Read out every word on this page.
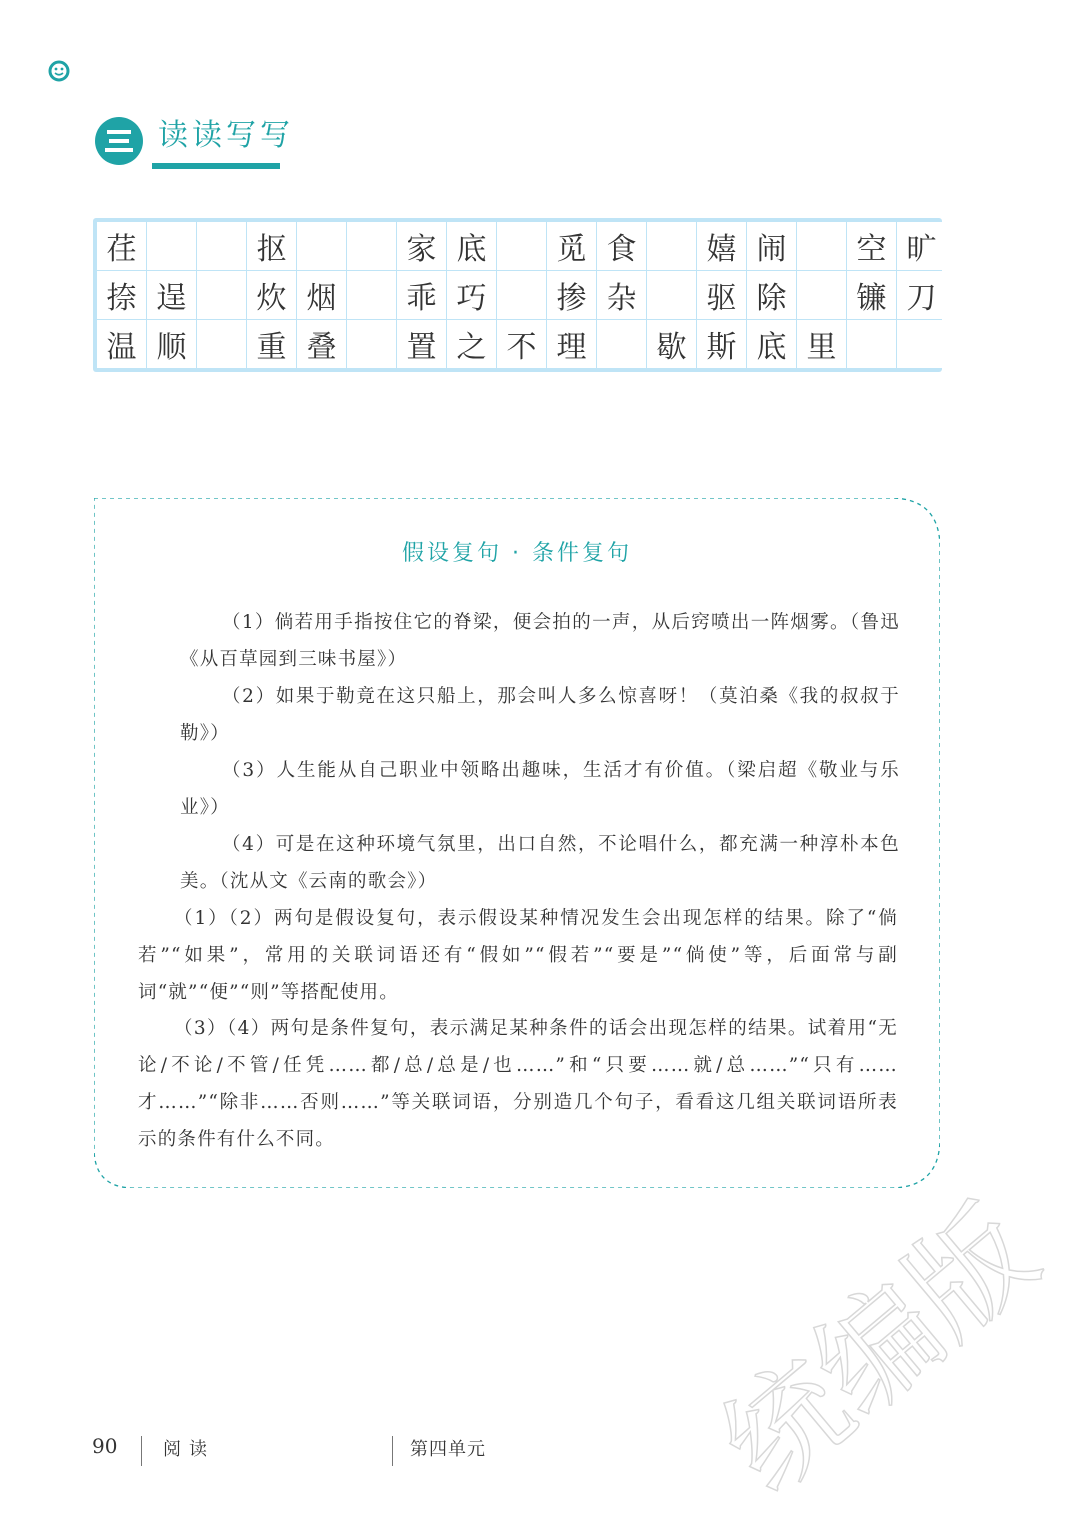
读读写写
荏	抠	家 底	觅 食	嬉 闹	空 旷
捺 逞	炊 烟	乖 巧	掺 杂	驱 除	镰 刀
温 顺	重 叠	置 之 不 理	歇 斯 底 里
假设复句 · 条件复句

（1）倘若用手指按住它的脊梁，便会拍的一声，从后窍喷出一阵烟雾。（鲁迅《从百草园到三味书屋》）

（2）如果于勒竟在这只船上，那会叫人多么惊喜呀！（莫泊桑《我的叔叔于勒》）

（3）人生能从自己职业中领略出趣味，生活才有价值。（梁启超《敬业与乐业》）

（4）可是在这种环境气氛里，出口自然，不论唱什么，都充满一种淳朴本色美。（沈从文《云南的歌会》）

（1）（2）两句是假设复句，表示假设某种情况发生会出现怎样的结果。除了“倘若”“如果”，常用的关联词语还有“假如”“假若”“要是”“倘使”等，后面常与副词“就”“便”“则”等搭配使用。

（3）（4）两句是条件复句，表示满足某种条件的话会出现怎样的结果。试着用“无论/不论/不管/任凭……都/总/总是/也……”和“只要……就/总……”“只有……才……”“除非……否则……”等关联词语，分别造几个句子，看看这几组关联词语所表示的条件有什么不同。

统编版
90	阅读	第四单元
